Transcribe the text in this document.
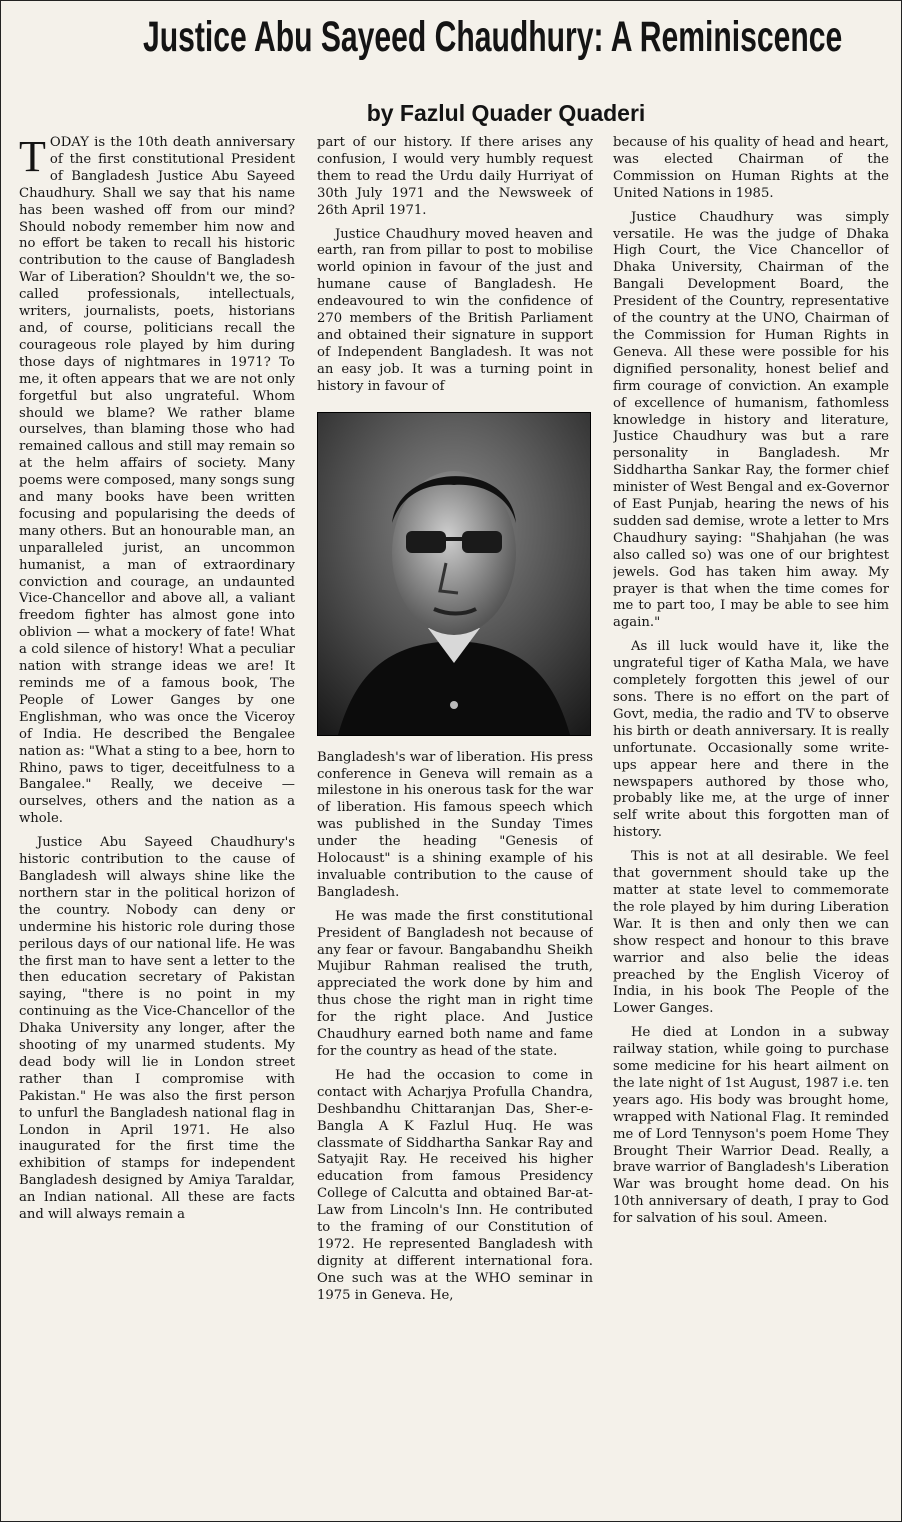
Justice Abu Sayeed Chaudhury: A Reminiscence
by Fazlul Quader Quaderi

TODAY is the 10th death anniversary of the first constitutional President of Bangladesh Justice Abu Sayeed Chaudhury. Shall we say that his name has been washed off from our mind? Should nobody remember him now and no effort be taken to recall his historic contribution to the cause of Bangladesh War of Liberation? Shouldn't we, the so-called professionals, intellectuals, writers, journalists, poets, historians and, of course, politicians recall the courageous role played by him during those days of nightmares in 1971? To me, it often appears that we are not only forgetful but also ungrateful. Whom should we blame? We rather blame ourselves, than blaming those who had remained callous and still may remain so at the helm affairs of society. Many poems were composed, many songs sung and many books have been written focusing and popularising the deeds of many others. But an honourable man, an unparalleled jurist, an uncommon humanist, a man of extraordinary conviction and courage, an undaunted Vice-Chancellor and above all, a valiant freedom fighter has almost gone into oblivion — what a mockery of fate! What a cold silence of history! What a peculiar nation with strange ideas we are! It reminds me of a famous book, The People of Lower Ganges by one Englishman, who was once the Viceroy of India. He described the Bengalee nation as: "What a sting to a bee, horn to Rhino, paws to tiger, deceitfulness to a Bangalee." Really, we deceive — ourselves, others and the nation as a whole.

Justice Abu Sayeed Chaudhury's historic contribution to the cause of Bangladesh will always shine like the northern star in the political horizon of the country. Nobody can deny or undermine his historic role during those perilous days of our national life. He was the first man to have sent a letter to the then education secretary of Pakistan saying, "there is no point in my continuing as the Vice-Chancellor of the Dhaka University any longer, after the shooting of my unarmed students. My dead body will lie in London street rather than I compromise with Pakistan." He was also the first person to unfurl the Bangladesh national flag in London in April 1971. He also inaugurated for the first time the exhibition of stamps for independent Bangladesh designed by Amiya Taraldar, an Indian national. All these are facts and will always remain a

part of our history. If there arises any confusion, I would very humbly request them to read the Urdu daily Hurriyat of 30th July 1971 and the Newsweek of 26th April 1971.

Justice Chaudhury moved heaven and earth, ran from pillar to post to mobilise world opinion in favour of the just and humane cause of Bangladesh. He endeavoured to win the confidence of 270 members of the British Parliament and obtained their signature in support of Independent Bangladesh. It was not an easy job. It was a turning point in history in favour of

Bangladesh's war of liberation. His press conference in Geneva will remain as a milestone in his onerous task for the war of liberation. His famous speech which was published in the Sunday Times under the heading "Genesis of Holocaust" is a shining example of his invaluable contribution to the cause of Bangladesh.

He was made the first constitutional President of Bangladesh not because of any fear or favour. Bangabandhu Sheikh Mujibur Rahman realised the truth, appreciated the work done by him and thus chose the right man in right time for the right place. And Justice Chaudhury earned both name and fame for the country as head of the state.

He had the occasion to come in contact with Acharjya Profulla Chandra, Deshbandhu Chittaranjan Das, Sher-e-Bangla A K Fazlul Huq. He was classmate of Siddhartha Sankar Ray and Satyajit Ray. He received his higher education from famous Presidency College of Calcutta and obtained Bar-at-Law from Lincoln's Inn. He contributed to the framing of our Constitution of 1972. He represented Bangladesh with dignity at different international fora. One such was at the WHO seminar in 1975 in Geneva. He,

because of his quality of head and heart, was elected Chairman of the Commission on Human Rights at the United Nations in 1985.

Justice Chaudhury was simply versatile. He was the judge of Dhaka High Court, the Vice Chancellor of Dhaka University, Chairman of the Bangali Development Board, the President of the Country, representative of the country at the UNO, Chairman of the Commission for Human Rights in Geneva. All these were possible for his dignified personality, honest belief and firm courage of conviction. An example of excellence of humanism, fathomless knowledge in history and literature, Justice Chaudhury was but a rare personality in Bangladesh. Mr Siddhartha Sankar Ray, the former chief minister of West Bengal and ex-Governor of East Punjab, hearing the news of his sudden sad demise, wrote a letter to Mrs Chaudhury saying: "Shahjahan (he was also called so) was one of our brightest jewels. God has taken him away. My prayer is that when the time comes for me to part too, I may be able to see him again."

As ill luck would have it, like the ungrateful tiger of Katha Mala, we have completely forgotten this jewel of our sons. There is no effort on the part of Govt, media, the radio and TV to observe his birth or death anniversary. It is really unfortunate. Occasionally some write-ups appear here and there in the newspapers authored by those who, probably like me, at the urge of inner self write about this forgotten man of history.

This is not at all desirable. We feel that government should take up the matter at state level to commemorate the role played by him during Liberation War. It is then and only then we can show respect and honour to this brave warrior and also belie the ideas preached by the English Viceroy of India, in his book The People of the Lower Ganges.

He died at London in a subway railway station, while going to purchase some medicine for his heart ailment on the late night of 1st August, 1987 i.e. ten years ago. His body was brought home, wrapped with National Flag. It reminded me of Lord Tennyson's poem Home They Brought Their Warrior Dead. Really, a brave warrior of Bangladesh's Liberation War was brought home dead. On his 10th anniversary of death, I pray to God for salvation of his soul. Ameen.
